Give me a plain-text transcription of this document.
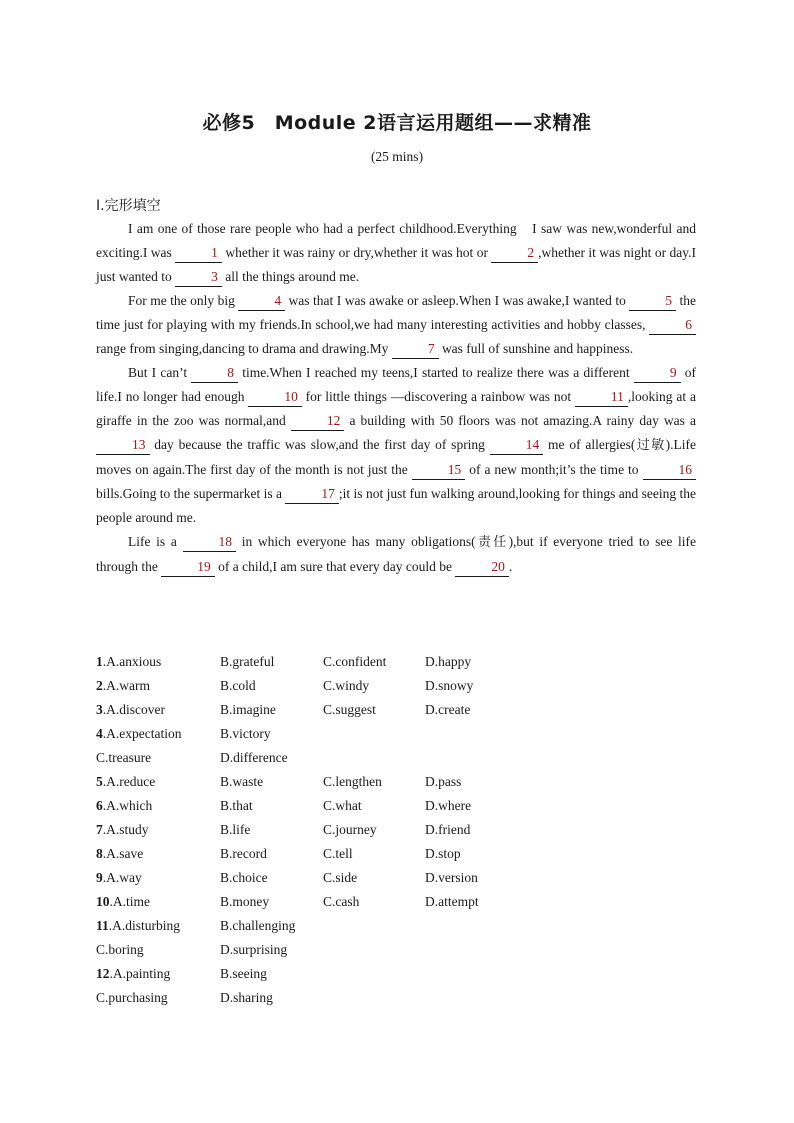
必修5　Module 2语言运用题组——求精准
(25 mins)
Ⅰ.完形填空

I am one of those rare people who had a perfect childhood.Everything　I saw was new,wonderful and exciting.I was	1 whether it was rainy or dry,whether it was hot or	2 ,whether it was night or day.I just wanted to	3 all the things around me.

For me the only big	4 was that I was awake or asleep.When I was awake,I wanted to	5 the time just for playing with my friends.In school,we had many interesting activities and hobby classes,	6 range from singing,dancing to drama and drawing.My	7 was full of sunshine and happiness.

But I can’t	8 time.When I reached my teens,I started to realize there was a different	9 of life.I no longer had enough	10 for little things —discovering a rainbow was not	11 ,looking at a giraffe in the zoo was normal,and	12 a building with 50 floors was not amazing.A rainy day was a 13 day because the traffic was slow,and the first day of spring	14 me of allergies(过敏).Life moves on again.The first day of the month is not just the	15 of a new month;it’s the time to	16 bills.Going to the supermarket is a	17 ;it is not just fun walking around,looking for things and seeing the people around me.

Life is a	18 in which everyone has many obligations(责任),but if everyone tried to see life through the	19 of a child,I am sure that every day could be	20 .

1.A.anxious	B.grateful	C.confident	D.happy
2.A.warm	B.cold	C.windy	D.snowy
3.A.discover	B.imagine	C.suggest	D.create
4.A.expectation	B.victory
C.treasure	D.difference
5.A.reduce	B.waste	C.lengthen	D.pass
6.A.which	B.that	C.what	D.where
7.A.study	B.life	C.journey	D.friend
8.A.save	B.record	C.tell	D.stop
9.A.way	B.choice	C.side	D.version
10.A.time	B.money	C.cash	D.attempt
11.A.disturbing	B.challenging
C.boring	D.surprising
12.A.painting	B.seeing
C.purchasing	D.sharing
